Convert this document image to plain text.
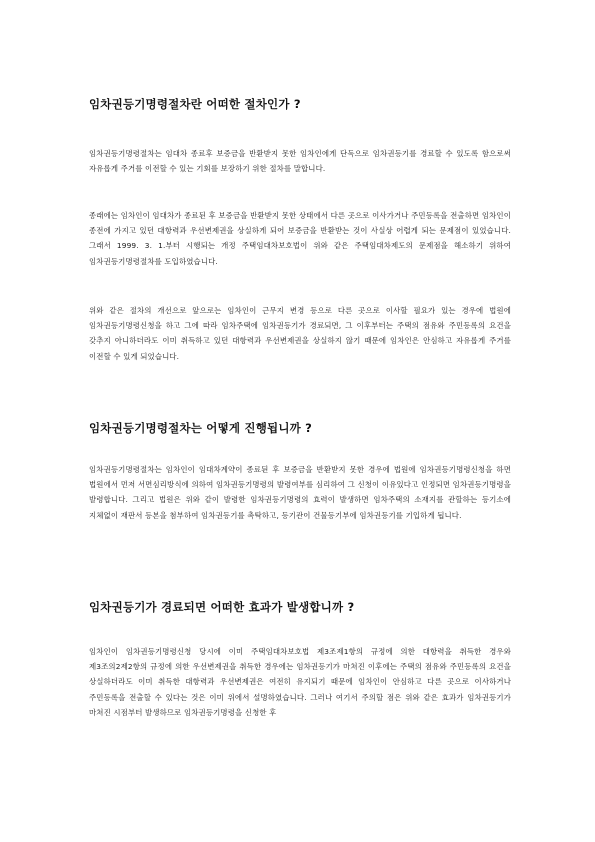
임차권등기명령절차란 어떠한 절차인가 ?

임차권등기명령절차는 임대차 종료후 보증금을 반환받지 못한 임차인에게 단독으로 임차권등기를 경료할 수 있도록 함으로써 자유롭게 주거를 이전할 수 있는 기회를 보장하기 위한 절차를 말합니다.

종래에는 임차인이 임대차가 종료된 후 보증금을 반환받지 못한 상태에서 다른 곳으로 이사가거나 주민등록을 전출하면 임차인이 종전에 가지고 있던 대항력과 우선변제권을 상실하게 되어 보증금을 반환받는 것이 사실상 어렵게 되는 문제점이 있었습니다. 그래서 1999. 3. 1.부터 시행되는 개정 주택임대차보호법이 위와 같은 주택임대차제도의 문제점을 해소하기 위하여 임차권등기명령절차를 도입하였습니다.

위와 같은 절차의 개선으로 앞으로는 임차인이 근무지 변경 등으로 다른 곳으로 이사할 필요가 있는 경우에 법원에 임차권등기명령신청을 하고 그에 따라 임차주택에 임차권등기가 경료되면, 그 이후부터는 주택의 점유와 주민등록의 요건을 갖추지 아니하더라도 이미 취득하고 있던 대항력과 우선변제권을 상실하지 않기 때문에 임차인은 안심하고 자유롭게 주거를 이전할 수 있게 되었습니다.

임차권등기명령절차는 어떻게 진행됩니까 ?

임차권등기명령절차는 임차인이 임대차계약이 종료된 후 보증금을 반환받지 못한 경우에 법원에 임차권등기명령신청을 하면 법원에서 먼저 서면심리방식에 의하여 임차권등기명령의 발령여부를 심리하여 그 신청이 이유있다고 인정되면 임차권등기명령을 발령합니다. 그리고 법원은 위와 같이 발령한 임차권등기명령의 효력이 발생하면 임차주택의 소재지를 관할하는 등기소에 지체없이 재판서 등본을 첨부하여 임차권등기를 촉탁하고, 등기관이 건물등기부에 임차권등기를 기입하게 됩니다.

임차권등기가 경료되면 어떠한 효과가 발생합니까 ?

임차인이 임차권등기명령신청 당시에 이미 주택임대차보호법 제3조제1항의 규정에 의한 대항력을 취득한 경우와 제3조의2제2항의 규정에 의한 우선변제권을 취득한 경우에는 임차권등기가 마쳐진 이후에는 주택의 점유와 주민등록의 요건을 상실하더라도 이미 취득한 대항력과 우선변제권은 여전히 유지되기 때문에 임차인이 안심하고 다른 곳으로 이사하거나 주민등록을 전출할 수 있다는 것은 이미 위에서 설명하였습니다. 그러나 여기서 주의할 점은 위와 같은 효과가 임차권등기가 마쳐진 시점부터 발생하므로 임차권등기명령을 신청한 후
